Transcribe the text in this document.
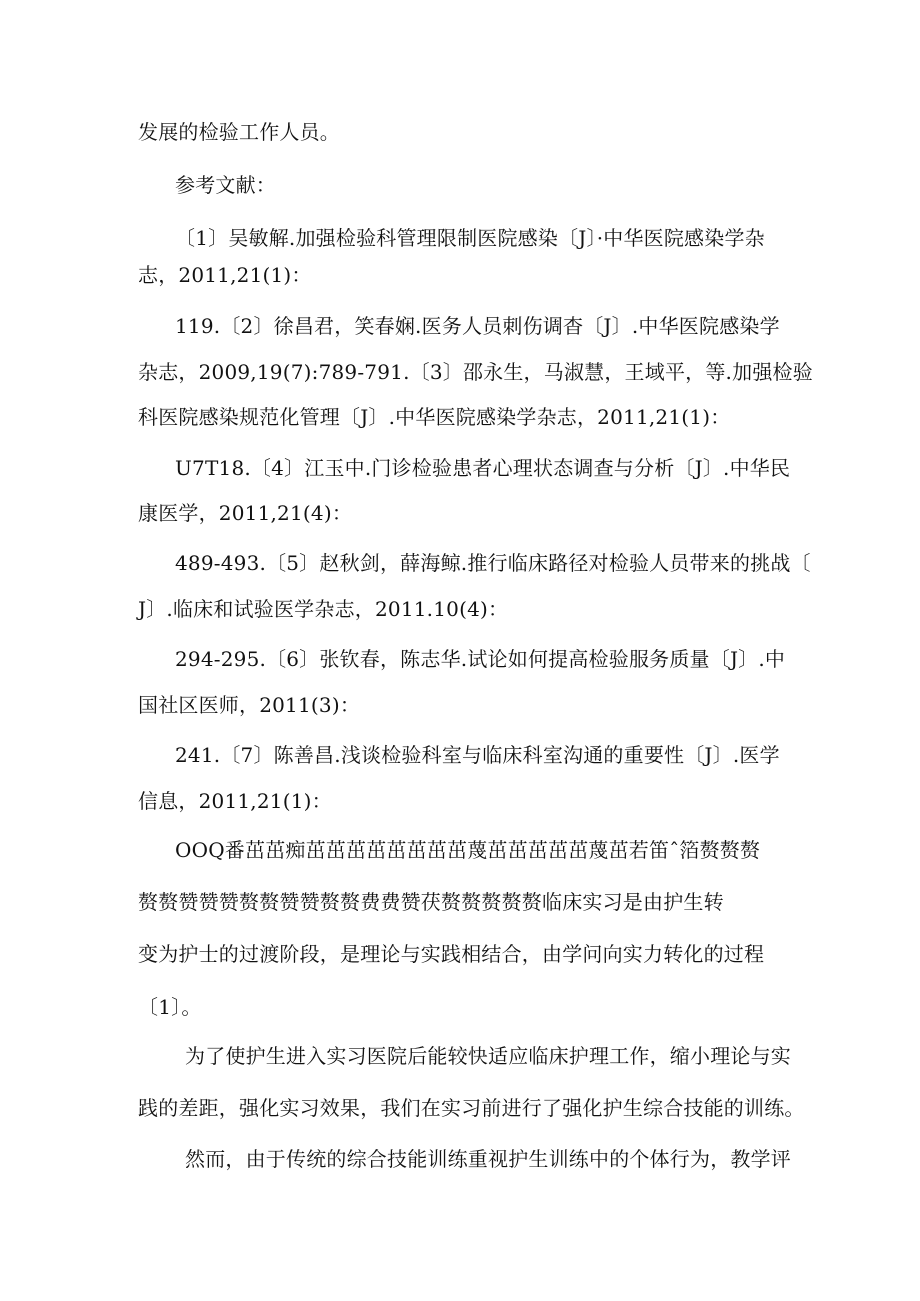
发展的检验工作人员。
参考文献：
〔1〕吴敏解.加强检验科管理限制医院感染〔J〕·中华医院感染学杂
志，2011,21(1)：
119.〔2〕徐昌君，笑春娴.医务人员刺伤调杳〔J〕.中华医院感染学
杂志，2009,19(7):789-791.〔3〕邵永生，马淑慧，王域平，等.加强检验
科医院感染规范化管理〔J〕.中华医院感染学杂志，2011,21(1)：
U7T18.〔4〕江玉中.门诊检验患者心理状态调查与分析〔J〕.中华民
康医学，2011,21(4)：
489-493.〔5〕赵秋剑，薛海鲸.推行临床路径对检验人员带来的挑战〔
J〕.临床和试验医学杂志，2011.10(4)：
294-295.〔6〕张钦春，陈志华.试论如何提高检验服务质量〔J〕.中
国社区医师，2011(3)：
241.〔7〕陈善昌.浅谈检验科室与临床科室沟通的重要性〔J〕.医学
信息，2011,21(1)：
OOQ番茁茁痴茁茁茁茁茁茁茁茁蔑茁茁茁茁茁蔑茁若笛ˆ箔赘赘赘
赘赘赞赞赞赘赘赞赞赘赘费费赞茯赘赘赘赘赘临床实习是由护生转
变为护士的过渡阶段，是理论与实践相结合，由学问向实力转化的过程
〔1〕。
为了使护生进入实习医院后能较快适应临床护理工作，缩小理论与实
践的差距，强化实习效果，我们在实习前进行了强化护生综合技能的训练。
然而，由于传统的综合技能训练重视护生训练中的个体行为，教学评
